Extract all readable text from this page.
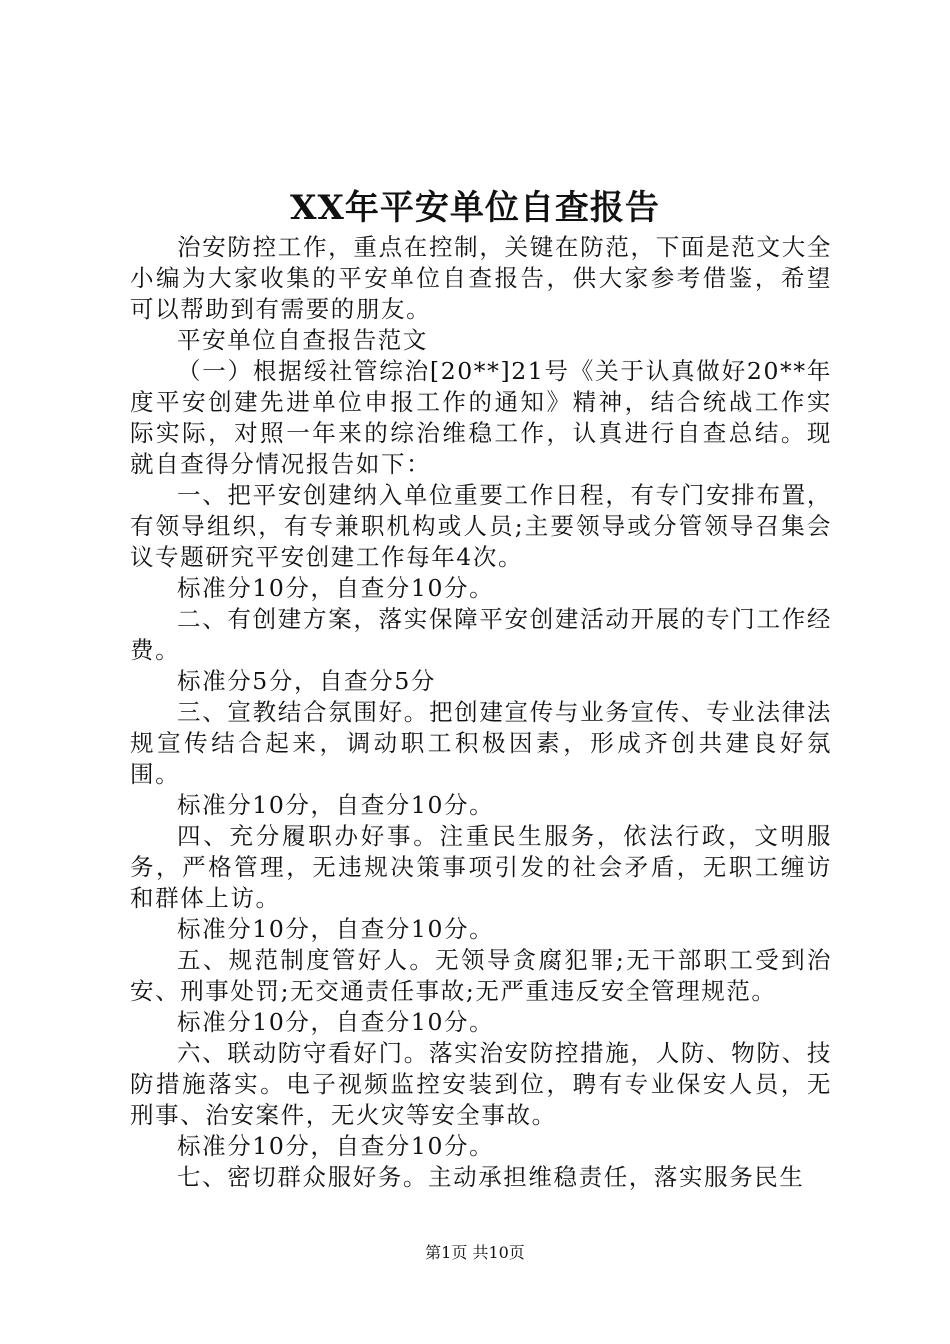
XX年平安单位自查报告

治安防控工作，重点在控制，关键在防范，下面是范文大全小编为大家收集的平安单位自查报告，供大家参考借鉴，希望可以帮助到有需要的朋友。

平安单位自查报告范文

（一）根据绥社管综治[20**]21号《关于认真做好20**年度平安创建先进单位申报工作的通知》精神，结合统战工作实际实际，对照一年来的综治维稳工作，认真进行自查总结。现就自查得分情况报告如下：

一、把平安创建纳入单位重要工作日程，有专门安排布置，有领导组织，有专兼职机构或人员;主要领导或分管领导召集会议专题研究平安创建工作每年4次。

标准分10分，自查分10分。

二、有创建方案，落实保障平安创建活动开展的专门工作经费。

标准分5分，自查分5分

三、宣教结合氛围好。把创建宣传与业务宣传、专业法律法规宣传结合起来，调动职工积极因素，形成齐创共建良好氛围。

标准分10分，自查分10分。

四、充分履职办好事。注重民生服务，依法行政，文明服务，严格管理，无违规决策事项引发的社会矛盾，无职工缠访和群体上访。

标准分10分，自查分10分。

五、规范制度管好人。无领导贪腐犯罪;无干部职工受到治安、刑事处罚;无交通责任事故;无严重违反安全管理规范。

标准分10分，自查分10分。

六、联动防守看好门。落实治安防控措施，人防、物防、技防措施落实。电子视频监控安装到位，聘有专业保安人员，无刑事、治安案件，无火灾等安全事故。

标准分10分，自查分10分。

七、密切群众服好务。主动承担维稳责任，落实服务民生

第1页 共10页
